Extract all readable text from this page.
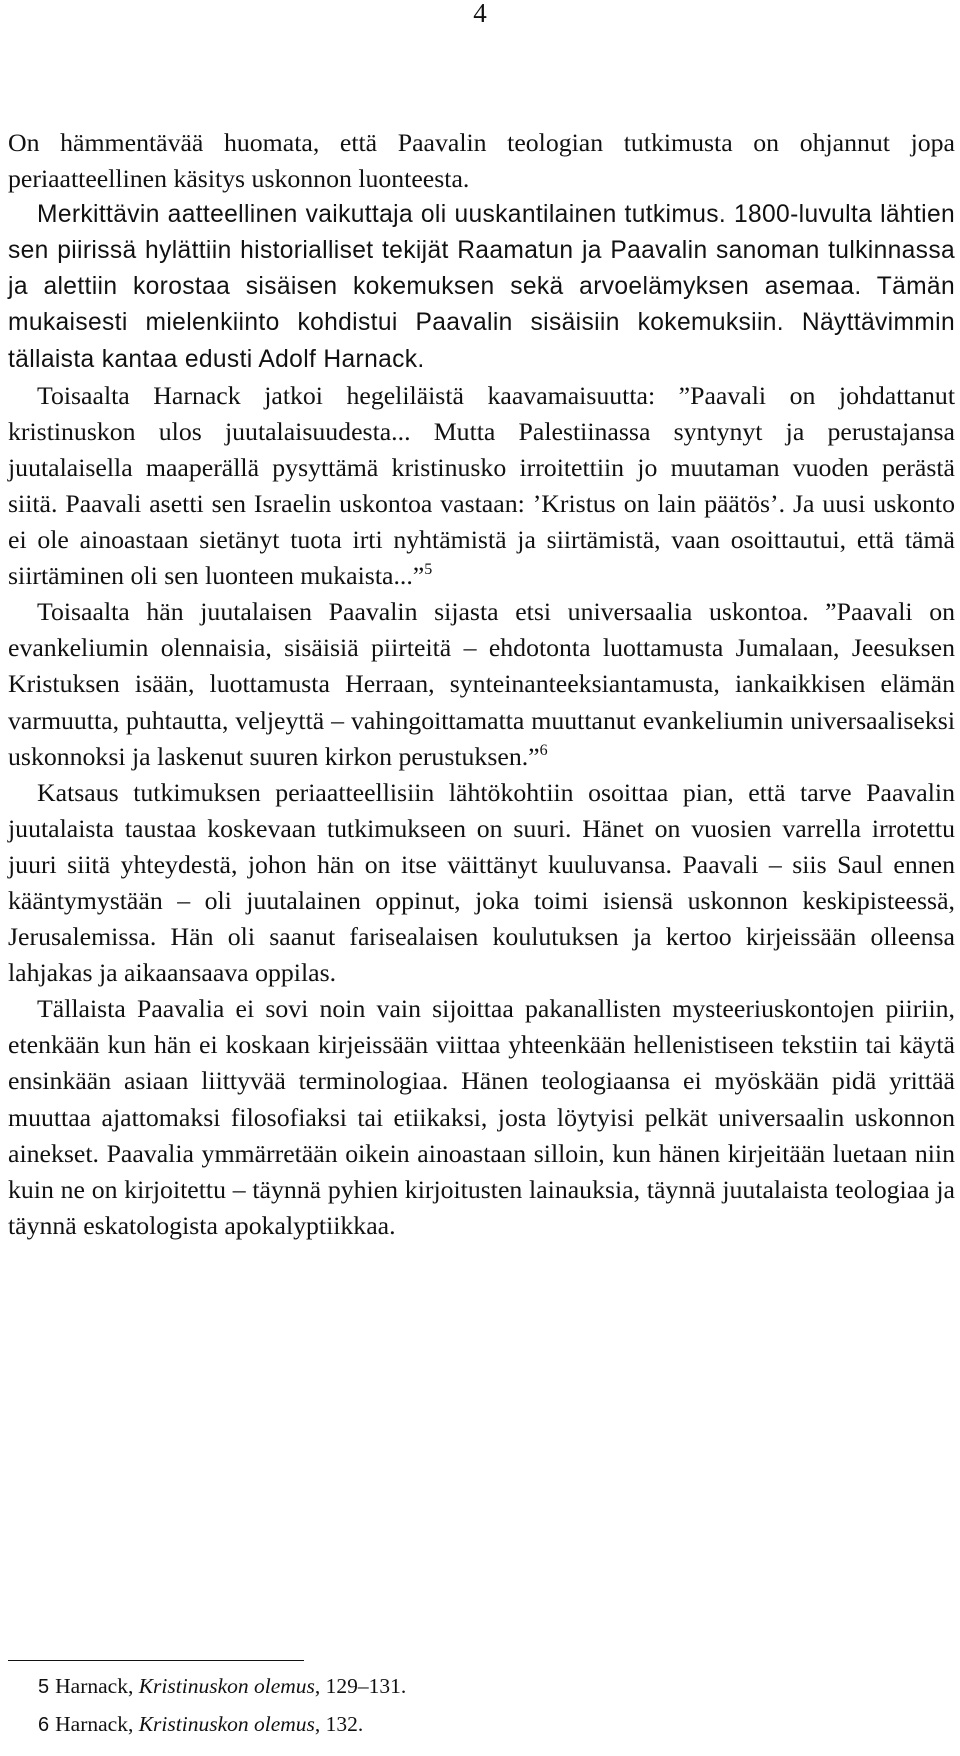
4

On hämmentävää huomata, että Paavalin teologian tutkimusta on ohjannut jopa periaatteellinen käsitys uskonnon luonteesta.

Merkittävin aatteellinen vaikuttaja oli uuskantilainen tutkimus. 1800-luvulta lähtien sen piirissä hylättiin historialliset tekijät Raamatun ja Paavalin sanoman tulkinnassa ja alettiin korostaa sisäisen kokemuksen sekä arvoelämyksen asemaa. Tämän mukaisesti mielenkiinto kohdistui Paavalin sisäisiin kokemuksiin. Näyttävimmin tällaista kantaa edusti Adolf Harnack.

Toisaalta Harnack jatkoi hegeliläistä kaavamaisuutta: ”Paavali on johdattanut kristinuskon ulos juutalaisuudesta... Mutta Palestiinassa syntynyt ja perustajansa juutalaisella maaperällä pysyttämä kristinusko irroitettiin jo muutaman vuoden perästä siitä. Paavali asetti sen Israelin uskontoa vastaan: ’Kristus on lain päätös’. Ja uusi uskonto ei ole ainoastaan sietänyt tuota irti nyhtämistä ja siirtämistä, vaan osoittautui, että tämä siirtäminen oli sen luonteen mukaista...”$^5$

Toisaalta hän juutalaisen Paavalin sijasta etsi universaalia uskontoa. ”Paavali on evankeliumin olennaisia, sisäisiä piirteitä – ehdotonta luottamusta Jumalaan, Jeesuksen Kristuksen isään, luottamusta Herraan, synteinanteeksiantamusta, iankaikkisen elämän varmuutta, puhtautta, veljeyttä – vahingoittamatta muuttanut evankeliumin universaaliseksi uskonnoksi ja laskenut suuren kirkon perustuksen.”$^6$

Katsaus tutkimuksen periaatteellisiin lähtökohtiin osoittaa pian, että tarve Paavalin juutalaista taustaa koskevaan tutkimukseen on suuri. Hänet on vuosien varrella irrotettu juuri siitä yhteydestä, johon hän on itse väittänyt kuuluvansa. Paavali – siis Saul ennen kääntymystään – oli juutalainen oppinut, joka toimi isiensä uskonnon keskipisteessä, Jerusalemissa. Hän oli saanut farisealaisen koulutuksen ja kertoo kirjeissään olleensa lahjakas ja aikaansaava oppilas.

Tällaista Paavalia ei sovi noin vain sijoittaa pakanallisten mysteeriuskontojen piiriin, etenkään kun hän ei koskaan kirjeissään viittaa yhteenkään hellenistiseen tekstiin tai käytä ensinkään asiaan liittyvää terminologiaa. Hänen teologiaansa ei myöskään pidä yrittää muuttaa ajattomaksi filosofiaksi tai etiikaksi, josta löytyisi pelkät universaalin uskonnon ainekset. Paavalia ymmärretään oikein ainoastaan silloin, kun hänen kirjeitään luetaan niin kuin ne on kirjoitettu – täynnä pyhien kirjoitusten lainauksia, täynnä juutalaista teologiaa ja täynnä eskatologista apokalyptiikkaa.

5 Harnack, Kristinuskon olemus, 129–131.
6 Harnack, Kristinuskon olemus, 132.
